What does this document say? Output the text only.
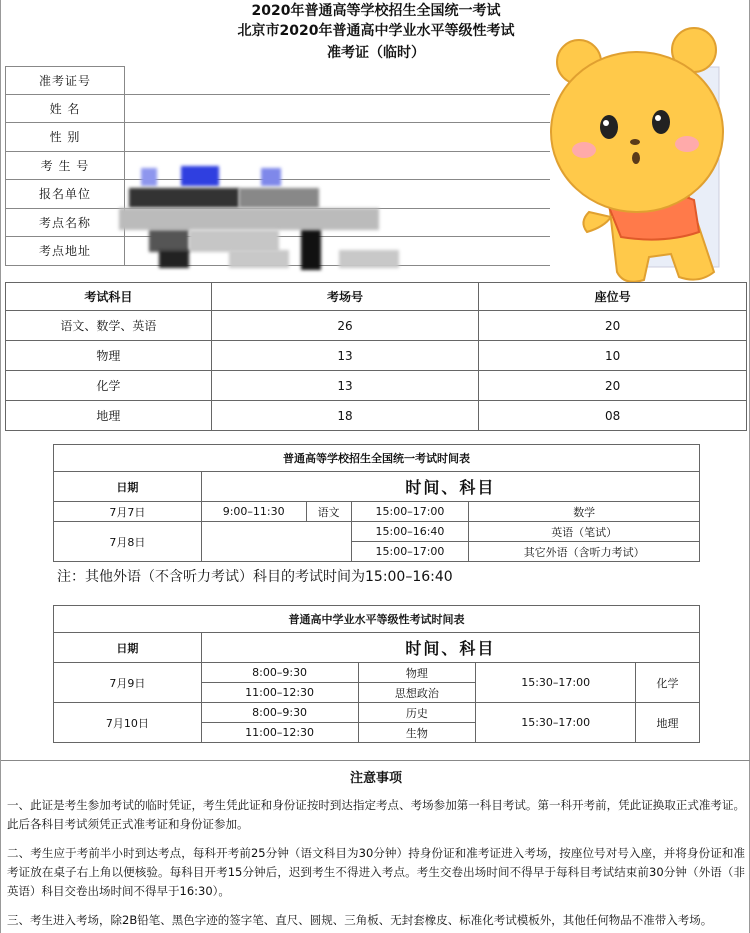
2020年普通高等学校招生全国统一考试
北京市2020年普通高中学业水平等级性考试
准考证（临时）
准考证号
姓 名
性 别
考 生 号
报名单位
考点名称
考点地址
考试科目	考场号	座位号
语文、数学、英语	26	20
物理	13	10
化学	13	20
地理	18	08
普通高等学校招生全国统一考试时间表				
日期	时间、科目			
7月7日	9:00–11:30	语文	15:00–17:00	数学
7月8日			15:00–16:40	英语（笔试）
			15:00–17:00	其它外语（含听力考试）
注：其他外语（不含听力考试）科目的考试时间为15:00–16:40
普通高中学业水平等级性考试时间表				
日期	时间、科目			
7月9日	8:00–9:30	物理	15:30–17:00	化学
	11:00–12:30	思想政治		
7月10日	8:00–9:30	历史	15:30–17:00	地理
	11:00–12:30	生物		
注意事项

一、此证是考生参加考试的临时凭证，考生凭此证和身份证按时到达指定考点、考场参加第一科目考试。第一科开考前，凭此证换取正式准考证。此后各科目考试须凭正式准考证和身份证参加。

二、考生应于考前半小时到达考点，每科开考前25分钟（语文科目为30分钟）持身份证和准考证进入考场，按座位号对号入座，并将身份证和准考证放在桌子右上角以便核验。每科目开考15分钟后，迟到考生不得进入考点。考生交卷出场时间不得早于每科目考试结束前30分钟（外语（非英语）科目交卷出场时间不得早于16:30）。

三、考生进入考场，除2B铅笔、黑色字迹的签字笔、直尺、圆规、三角板、无封套橡皮、标准化考试模板外，其他任何物品不准带入考场。
